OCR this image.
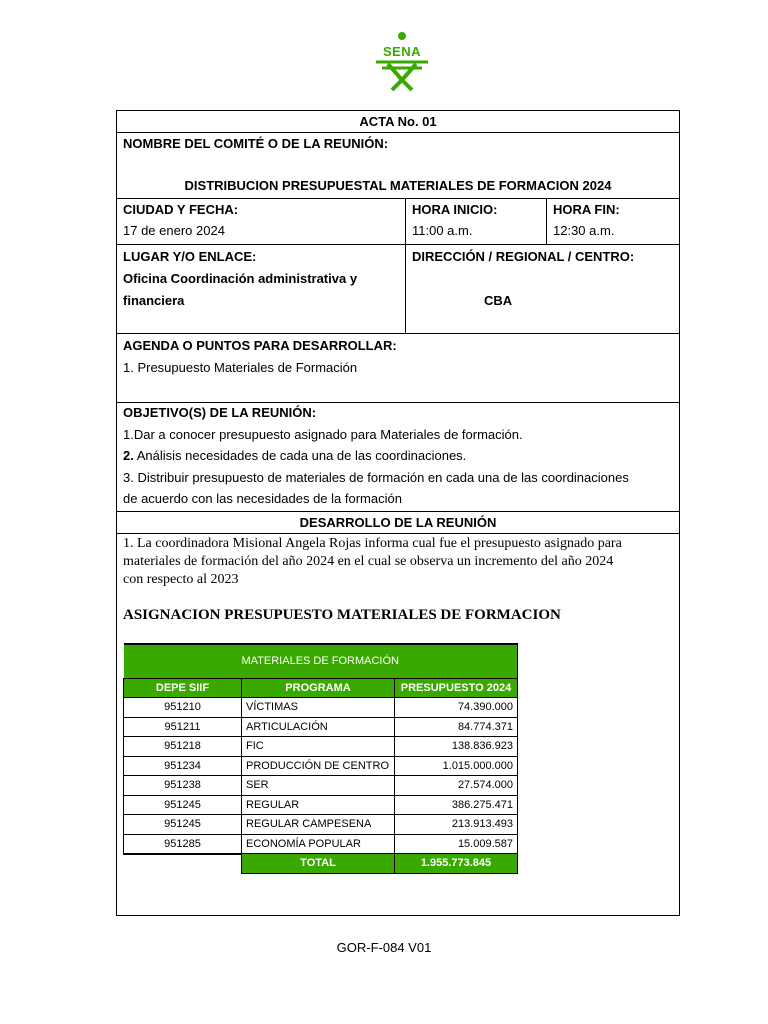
SENA
ACTA No. 01
NOMBRE DEL COMITÉ O DE LA REUNIÓN:
DISTRIBUCION PRESUPUESTAL MATERIALES DE FORMACION 2024
CIUDAD Y FECHA:
17 de enero 2024
HORA INICIO:
11:00 a.m.
HORA FIN:
12:30 a.m.
LUGAR Y/O ENLACE:
Oficina Coordinación administrativa y
financiera
DIRECCIÓN / REGIONAL / CENTRO:
CBA
AGENDA O PUNTOS PARA DESARROLLAR:
1. Presupuesto Materiales de Formación
OBJETIVO(S) DE LA REUNIÓN:
1.Dar a conocer presupuesto asignado para Materiales de formación.
2. Análisis necesidades de cada una de las coordinaciones.
3. Distribuir presupuesto de materiales de formación en cada una de las coordinaciones
de acuerdo con las necesidades de la formación
DESARROLLO DE LA REUNIÓN
1. La coordinadora Misional Angela Rojas informa cual fue el presupuesto asignado para
materiales de formación del año 2024 en el cual se observa un incremento del año 2024
con respecto al 2023
ASIGNACION PRESUPUESTO MATERIALES DE FORMACION
MATERIALES DE FORMACIÓN		
DEPE SIIF	PROGRAMA	PRESUPUESTO 2024
951210	VÍCTIMAS	74.390.000
951211	ARTICULACIÓN	84.774.371
951218	FIC	138.836.923
951234	PRODUCCIÓN DE CENTRO	1.015.000.000
951238	SER	27.574.000
951245	REGULAR	386.275.471
951245	REGULAR CAMPESENA	213.913.493
951285	ECONOMÍA POPULAR	15.009.587
	TOTAL	1.955.773.845
GOR-F-084 V01
